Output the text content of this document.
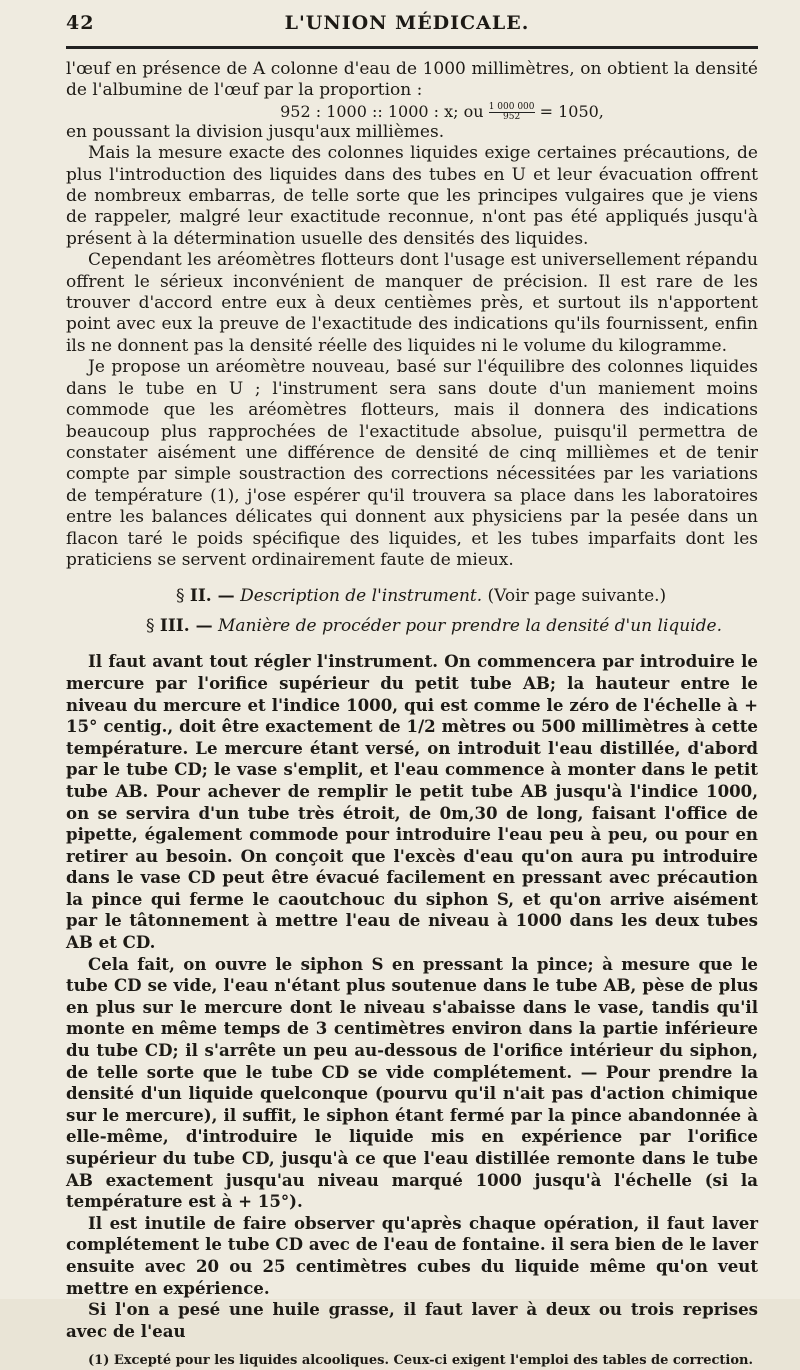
42	L'UNION MÉDICALE.

l'œuf en présence de A colonne d'eau de 1000 millimètres, on obtient la densité de l'albumine de l'œuf par la proportion :

952 : 1000 :: 1000 : x; ou $\frac{1 000 000}{952} = 1050$,

en poussant la division jusqu'aux millièmes.

Mais la mesure exacte des colonnes liquides exige certaines précautions, de plus l'introduction des liquides dans des tubes en U et leur évacuation offrent de nombreux embarras, de telle sorte que les principes vulgaires que je viens de rappeler, malgré leur exactitude reconnue, n'ont pas été appliqués jusqu'à présent à la détermination usuelle des densités des liquides.

Cependant les aréomètres flotteurs dont l'usage est universellement répandu offrent le sérieux inconvénient de manquer de précision. Il est rare de les trouver d'accord entre eux à deux centièmes près, et surtout ils n'apportent point avec eux la preuve de l'exactitude des indications qu'ils fournissent, enfin ils ne donnent pas la densité réelle des liquides ni le volume du kilogramme.

Je propose un aréomètre nouveau, basé sur l'équilibre des colonnes liquides dans le tube en U ; l'instrument sera sans doute d'un maniement moins commode que les aréomètres flotteurs, mais il donnera des indications beaucoup plus rapprochées de l'exactitude absolue, puisqu'il permettra de constater aisément une différence de densité de cinq millièmes et de tenir compte par simple soustraction des corrections nécessitées par les variations de température (1), j'ose espérer qu'il trouvera sa place dans les laboratoires entre les balances délicates qui donnent aux physiciens par la pesée dans un flacon taré le poids spécifique des liquides, et les tubes imparfaits dont les praticiens se servent ordinairement faute de mieux.

§ II. — Description de l'instrument. (Voir page suivante.)
§ III. — Manière de procéder pour prendre la densité d'un liquide.

Il faut avant tout régler l'instrument. On commencera par introduire le mercure par l'orifice supérieur du petit tube AB; la hauteur entre le niveau du mercure et l'indice 1000, qui est comme le zéro de l'échelle à + 15° centig., doit être exactement de 1/2 mètres ou 500 millimètres à cette température. Le mercure étant versé, on introduit l'eau distillée, d'abord par le tube CD; le vase s'emplit, et l'eau commence à monter dans le petit tube AB. Pour achever de remplir le petit tube AB jusqu'à l'indice 1000, on se servira d'un tube très étroit, de 0m,30 de long, faisant l'office de pipette, également commode pour introduire l'eau peu à peu, ou pour en retirer au besoin. On conçoit que l'excès d'eau qu'on aura pu introduire dans le vase CD peut être évacué facilement en pressant avec précaution la pince qui ferme le caoutchouc du siphon S, et qu'on arrive aisément par le tâtonnement à mettre l'eau de niveau à 1000 dans les deux tubes AB et CD.

Cela fait, on ouvre le siphon S en pressant la pince; à mesure que le tube CD se vide, l'eau n'étant plus soutenue dans le tube AB, pèse de plus en plus sur le mercure dont le niveau s'abaisse dans le vase, tandis qu'il monte en même temps de 3 centimètres environ dans la partie inférieure du tube CD; il s'arrête un peu au-dessous de l'orifice intérieur du siphon, de telle sorte que le tube CD se vide complétement. — Pour prendre la densité d'un liquide quelconque (pourvu qu'il n'ait pas d'action chimique sur le mercure), il suffit, le siphon étant fermé par la pince abandonnée à elle-même, d'introduire le liquide mis en expérience par l'orifice supérieur du tube CD, jusqu'à ce que l'eau distillée remonte dans le tube AB exactement jusqu'au niveau marqué 1000 jusqu'à l'échelle (si la température est à + 15°).

Il est inutile de faire observer qu'après chaque opération, il faut laver complétement le tube CD avec de l'eau de fontaine. il sera bien de le laver ensuite avec 20 ou 25 centimètres cubes du liquide même qu'on veut mettre en expérience.

Si l'on a pesé une huile grasse, il faut laver à deux ou trois reprises avec de l'eau

(1) Excepté pour les liquides alcooliques. Ceux-ci exigent l'emploi des tables de correction.
